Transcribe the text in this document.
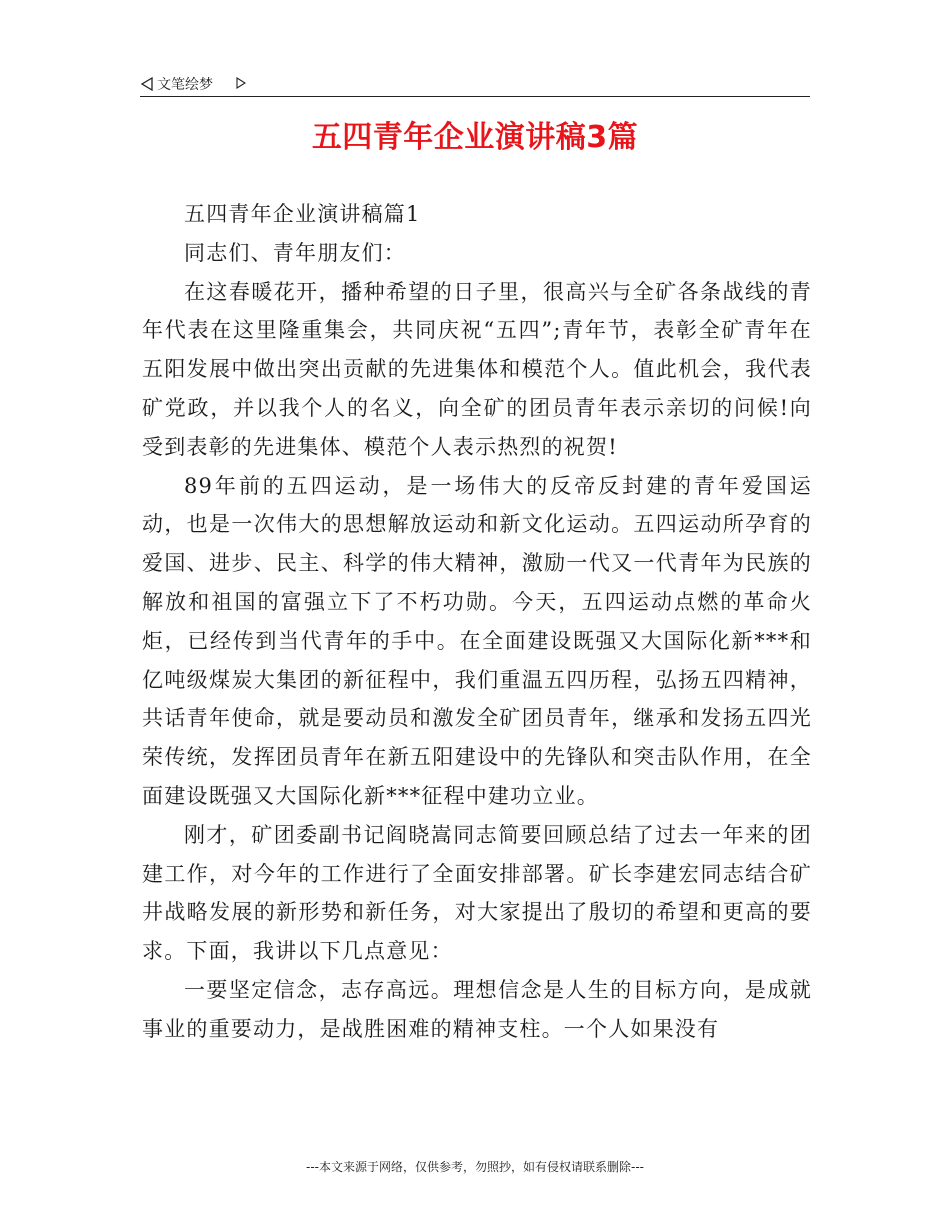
文笔绘梦
五四青年企业演讲稿3篇

五四青年企业演讲稿篇1

同志们、青年朋友们：

在这春暖花开，播种希望的日子里，很高兴与全矿各条战线的青年代表在这里隆重集会，共同庆祝“五四”;青年节，表彰全矿青年在五阳发展中做出突出贡献的先进集体和模范个人。值此机会，我代表矿党政，并以我个人的名义，向全矿的团员青年表示亲切的问候!向受到表彰的先进集体、模范个人表示热烈的祝贺!

89年前的五四运动，是一场伟大的反帝反封建的青年爱国运动，也是一次伟大的思想解放运动和新文化运动。五四运动所孕育的爱国、进步、民主、科学的伟大精神，激励一代又一代青年为民族的解放和祖国的富强立下了不朽功勋。今天，五四运动点燃的革命火炬，已经传到当代青年的手中。在全面建设既强又大国际化新***和亿吨级煤炭大集团的新征程中，我们重温五四历程，弘扬五四精神，共话青年使命，就是要动员和激发全矿团员青年，继承和发扬五四光荣传统，发挥团员青年在新五阳建设中的先锋队和突击队作用，在全面建设既强又大国际化新***征程中建功立业。

刚才，矿团委副书记阎晓嵩同志简要回顾总结了过去一年来的团建工作，对今年的工作进行了全面安排部署。矿长李建宏同志结合矿井战略发展的新形势和新任务，对大家提出了殷切的希望和更高的要求。下面，我讲以下几点意见：

一要坚定信念，志存高远。理想信念是人生的目标方向，是成就事业的重要动力，是战胜困难的精神支柱。一个人如果没有

---本文来源于网络，仅供参考，勿照抄，如有侵权请联系删除---
